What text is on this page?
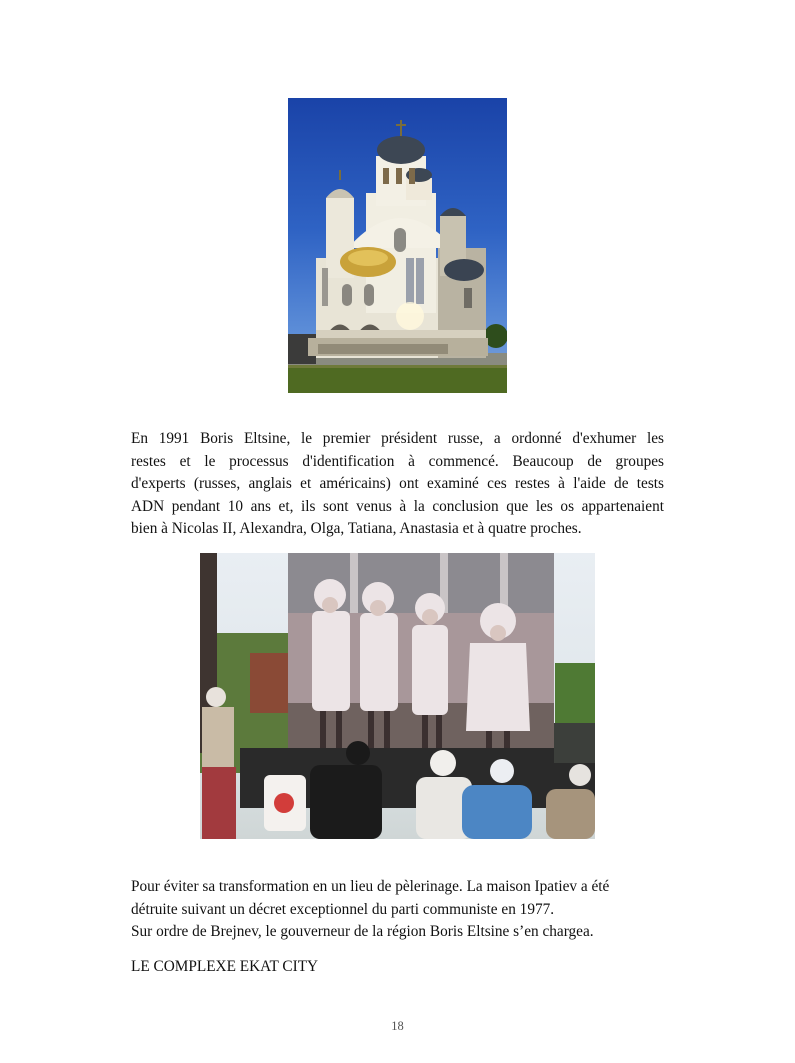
En 1991 Boris Eltsine, le premier président russe, a ordonné d'exhumer les
restes et le processus d'identification à commencé. Beaucoup de groupes
d'experts (russes, anglais et américains) ont examiné ces restes à l'aide de tests
ADN pendant 10 ans et, ils sont venus à la conclusion que les os appartenaient
bien à Nicolas II, Alexandra, Olga, Tatiana, Anastasia et à quatre proches.

Pour éviter sa transformation en un lieu de pèlerinage. La maison Ipatiev a été
détruite suivant un décret exceptionnel du parti communiste en 1977.
Sur ordre de Brejnev, le gouverneur de la région Boris Eltsine s’en chargea.

LE COMPLEXE EKAT CITY

18
